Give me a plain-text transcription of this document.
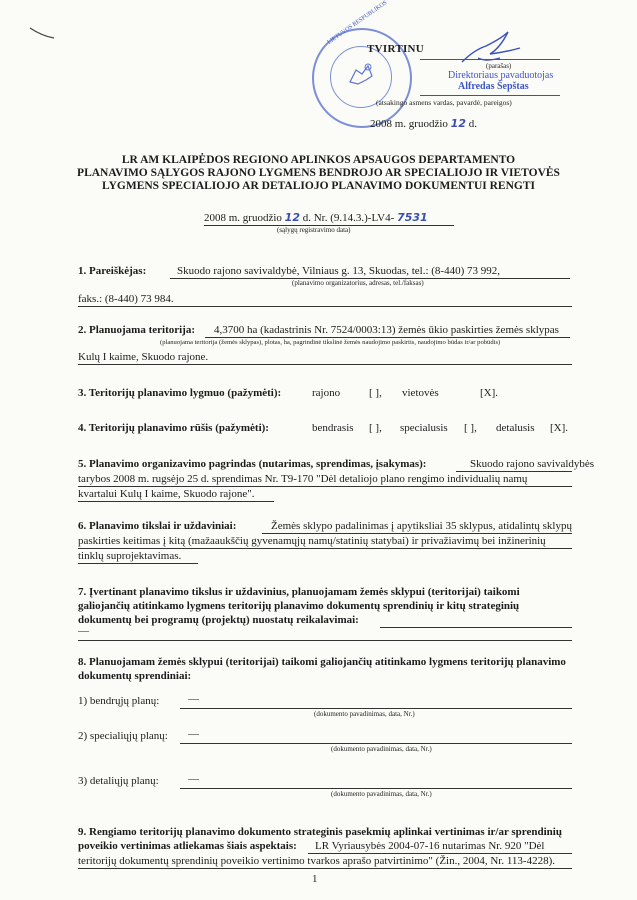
LIETUVOS RESPUBLIKOS
TVIRTINU
(parašas)
Direktoriaus pavaduotojas
Alfredas Šepštas
(atsakingo asmens vardas, pavardė, pareigos)
2008 m. gruodžio 12 d.
LR AM KLAIPĖDOS REGIONO APLINKOS APSAUGOS DEPARTAMENTO
PLANAVIMO SĄLYGOS RAJONO LYGMENS BENDROJO AR SPECIALIOJO IR VIETOVĖS
LYGMENS SPECIALIOJO AR DETALIOJO PLANAVIMO DOKUMENTUI RENGTI
2008 m. gruodžio 12 d. Nr. (9.14.3.)-LV4- 7531
(sąlygų registravimo data)
1. Pareiškėjas:	Skuodo rajono savivaldybė, Vilniaus g. 13, Skuodas, tel.: (8-440) 73 992,
(planavimo organizatorius, adresas, tel./faksas)
faks.: (8-440) 73 984.
2. Planuojama teritorija: 4,3700 ha (kadastrinis Nr. 7524/0003:13) žemės ūkio paskirties žemės sklypas
(planuojama teritorija (žemės sklypas), plotas, ha, pagrindinė tikslinė žemės naudojimo paskirtis, naudojimo būdas ir/ar pobūdis)
Kulų I kaime, Skuodo rajone.
3. Teritorijų planavimo lygmuo (pažymėti):	rajono	[ ], vietovės	[X].
4. Teritorijų planavimo rūšis (pažymėti):	bendrasis [ ], specialusis [ ], detalusis [X].
5. Planavimo organizavimo pagrindas (nutarimas, sprendimas, įsakymas):	Skuodo rajono savivaldybės
tarybos 2008 m. rugsėjo 25 d. sprendimas Nr. T9-170 "Dėl detaliojo plano rengimo individualių namų
kvartalui Kulų I kaime, Skuodo rajone".
6. Planavimo tikslai ir uždaviniai:	Žemės sklypo padalinimas į apytiksliai 35 sklypus, atidalintų sklypų
paskirties keitimas į kitą (mažaaukščių gyvenamųjų namų/statinių statybai) ir privažiavimų bei inžinerinių
tinklų suprojektavimas.
7. Įvertinant planavimo tikslus ir uždavinius, planuojamam žemės sklypui (teritorijai) taikomi
galiojančių atitinkamo lygmens teritorijų planavimo dokumentų sprendinių ir kitų strateginių
dokumentų bei programų (projektų) nuostatų reikalavimai:
—
8. Planuojamam žemės sklypui (teritorijai) taikomi galiojančių atitinkamo lygmens teritorijų planavimo
dokumentų sprendiniai:
1) bendrųjų planų:	—
(dokumento pavadinimas, data, Nr.)
2) specialiųjų planų: —
(dokumento pavadinimas, data, Nr.)
3) detaliųjų planų:	—
(dokumento pavadinimas, data, Nr.)
9. Rengiamo teritorijų planavimo dokumento strateginis pasekmių aplinkai vertinimas ir/ar sprendinių
poveikio vertinimas atliekamas šiais aspektais: LR Vyriausybės 2004-07-16 nutarimas Nr. 920 "Dėl
teritorijų dokumentų sprendinių poveikio vertinimo tvarkos aprašo patvirtinimo" (Žin., 2004, Nr. 113-4228).
1
